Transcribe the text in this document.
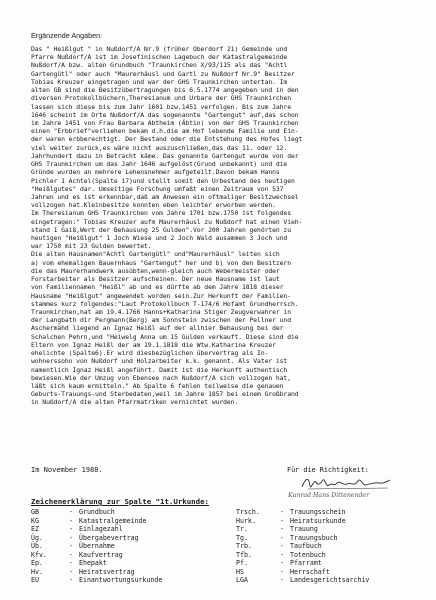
Ergänzende Angaben:
Das " Heißlgut " in Nußdorf/A Nr.9 (früher Oberdorf 21) Gemeinde und
Pfarre Nußdorf/A ist im Josefinischen Lagebuch der Katastralgemeinde
Nußdorf/A bzw. alten Grundbuch "Traunkirchen X/93/115 als das "Achtl
Gartengütl" oder auch "Maurerhäusl und Gartl zu Nußdorf Nr.9" Besitzer
Tobias Kreuzer eingetragen und war der GHS Traunkirchen untertan. Im
alten GB sind die Besitzübertragungen bis 6.5.1774 angegeben und in den
diversen Protokollbüchern,Theresianum und Urbare der GHS Traunkirchen
lassen sich diese bis zum Jahr 1601 bzw.1451 verfolgen. Bis zum Jahre
1646 scheint im Orte Nußdorf/A das sogenannte "Gartengut" auf,das schon
im Jahre 1451 von Frau Barbara Abtheim (Äbtin) von der GHS Traunkirchen
einen "Erbbrief"verliehen bekam d.h.die am Hof lebende Familie und Ein-
der waren erbberechtigt. Der Bestand oder die Entstehung des Hofes liegt
viel weiter zurück,es wäre nicht auszuschließen,das das 11. oder 12.
Jahrhundert dazu in Betracht käme. Das genannte Gartengut wurde von der
GHS Traunkirchen um das Jahr 1646 aufgelöst(Grund unbekannt) und die
Gründe wurden an mehrere Lehensnehmer aufgeteilt.Davon bekam Hanns
Pichler 1 Achtel(Spalte 17)und stellt somit den Urbestand des heutigen
"Heißlgutes" dar. Umseitige Forschung umfaßt einen Zeitraum von 537
Jahren und es ist erkennbar,daß am Anwesen ein oftmaliger Besitzwechsel
vollzogen hat.Kleinbesitze konnten eben leichter erworben werden.
Im Theresianum GHS Traunkirchen vom Jahre 1701 bzw.1750 ist folgendes
eingetragen:" Tobias Kreuzer aufm Maurerhäusl zu Nußdorf hat einen Vieh-
stand 1 Gaiß,Wert der Behausung 25 Gulden".Vor 200 Jahren gehörten zu
heutigen "Heißlgut" 1 Joch Wiese und 2 Joch Wald ausammen 3 Joch und
war 1750 mit 23 Gulden bewertet.
Die alten Hausnamen"Achtl Gartengütl" und"Maurerhäusl" leiten sich
a) vom ehemaligen Bauernhaus "Gartengut" her und b) von den Besitzern
die das Maurerhandwerk ausübten,wenn-gleich auch Webermeister oder
Forstarbeiter als Besitzer aufscheinen. Der neue Hausname ist laut
von Familiennamen "Heißl" ab und es dürfte ab dem Jahre 1818 dieser
Hausname "Heißlgut" angewendet worden sein.Zur Herkunft der Familien-
stammes kurz folgendes:"Laut Protokollbuch T-174/6 Hofamt Grundherrsch.
Traunkirchen,hat am 19.4.1766 Hanns+Katharina Stiger Zeugverwahrer in
der Langbath dir Pergmann(Berg) am Sonnstein zwischen der Pellner und
Aschermähd liegend an Ignaz Heißl auf der allhier Behausung bei der
Schalchen Pehrn,und "Heiwelg Anna um 15 Gulden verkauft. Diese sind die
Eltern von Ignaz Heißl der am 19.1.1818 die Wtw.Katharina Kreuzer
ehelichte (Spalte6).Er wird diesbezüglichen übervertrag als In-
wohnerssohn von Nußdorf und Holzarbeiter k.k. genannt. Als Vater ist
namentlich Ignaz Heißl angeführt. Damit ist die Herkunft authentisch
bewiesen.Wie der Umzug von Ebensee nach Nußdorf/A sich vollzogen hat,
läßt sich kaum ermitteln." Ab Spalte 6 fehlen teilweise die genauen
Geburts-Trauungs-und Sterbedaten,weil im Jahre 1857 bei einem Großbrand
in Nußdorf/A die alten Pfarrmatriken vernichtet wurden.
Im November 1988.	Für die Richtigkeit:
Kunrad Hans Dittenender
Zeichenerklärung zur Spalte "1t.Urkunde:
GB	- Grundbuch
KG	- Katastralgemeinde
EZ	- Einlagezahl
Üg.	- Übergabevertrag
Üb.	- Übernahme
Kfv.	- Kaufvertrag
Ep.	- Ehepakt
Hv.	- Heiratsvertrag
EU	- Einantwortungsurkunde
Trsch.	- Trauungsschein
Hurk.	- Heiratsurkunde
Tr.	- Trauung
Tg.	- Trauungsbuch
Trb.	- Taufbuch
Tfb.	- Totenbuch
Pf.	- Pfarramt
HS	- Herrschaft
LGA	- Landesgerichtsarchiv
